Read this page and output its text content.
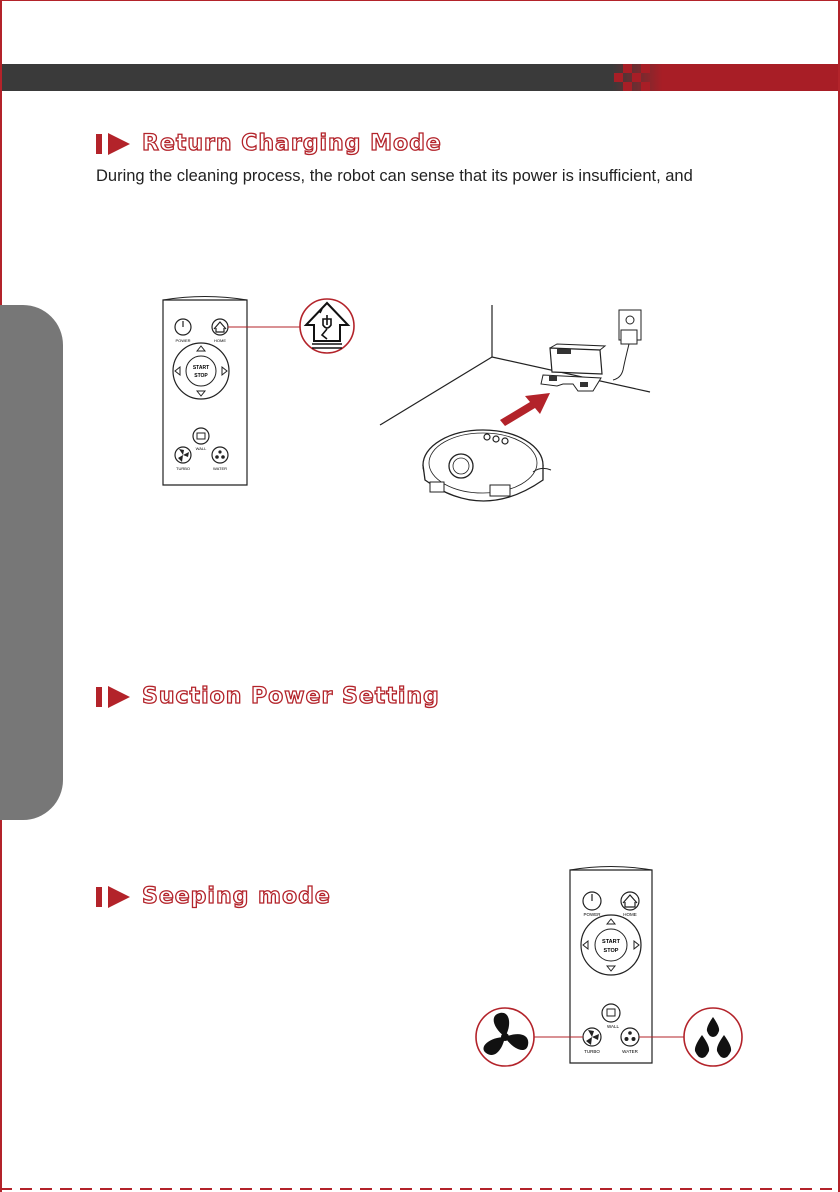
Return Charging Mode
During the cleaning process, the robot can sense that its power is insufficient, and
POWER	HOME
START
STOP
WALL
TURBO	WATER
Suction Power Setting
Seeping mode
POWER	HOME
START
STOP
WALL
TURBO	WATER
